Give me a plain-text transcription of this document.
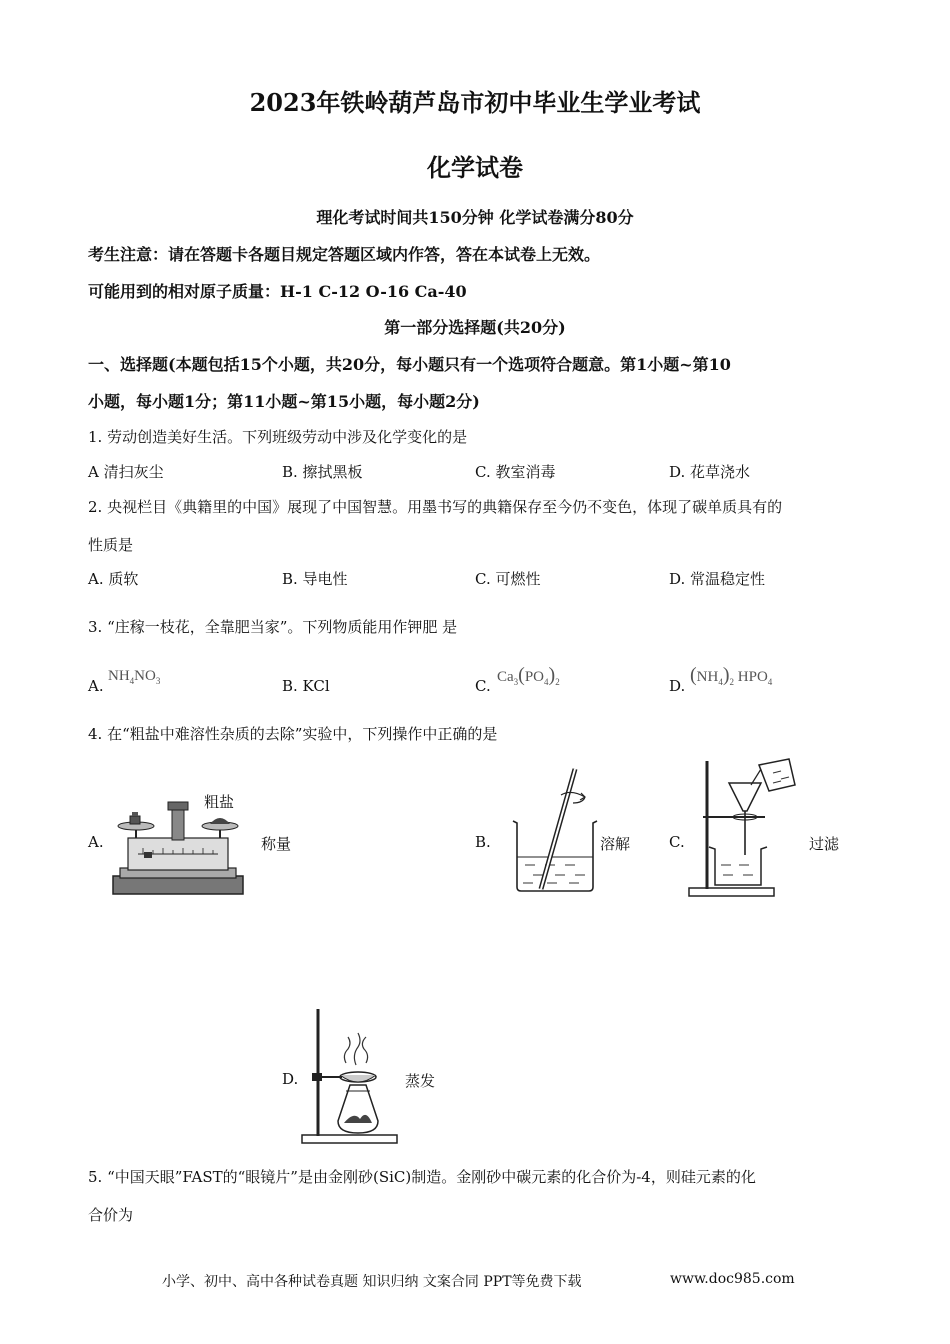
2023年铁岭葫芦岛市初中毕业生学业考试
化学试卷
理化考试时间共150分钟 化学试卷满分80分
考生注意：请在答题卡各题目规定答题区域内作答，答在本试卷上无效。
可能用到的相对原子质量：H-1 C-12 O-16 Ca-40
第一部分选择题(共20分)
一、选择题(本题包括15个小题，共20分，每小题只有一个选项符合题意。第1小题~第10
小题，每小题1分；第11小题~第15小题，每小题2分)
1. 劳动创造美好生活。下列班级劳动中涉及化学变化的是
A 清扫灰尘	B. 擦拭黑板	C. 教室消毒	D. 花草浇水
2. 央视栏目《典籍里的中国》展现了中国智慧。用墨书写的典籍保存至今仍不变色，体现了碳单质具有的
性质是
A. 质软	B. 导电性	C. 可燃性	D. 常温稳定性
3. “庄稼一枝花，全靠肥当家”。下列物质能用作钾肥 是
A.
$NH_4NO_3$	B. KCl	C. $Ca_3(PO_4)_2$	D. $(NH_4)_2$ $HPO_4$
4. 在“粗盐中难溶性杂质的去除”实验中，下列操作中正确的是
A.
粗盐
称量	B.	溶解	C.	过滤
D.	蒸发
5. “中国天眼”FAST的“眼镜片”是由金刚砂(SiC)制造。金刚砂中碳元素的化合价为-4，则硅元素的化
合价为
小学、初中、高中各种试卷真题 知识归纳 文案合同 PPT等免费下载	www.doc985.com
